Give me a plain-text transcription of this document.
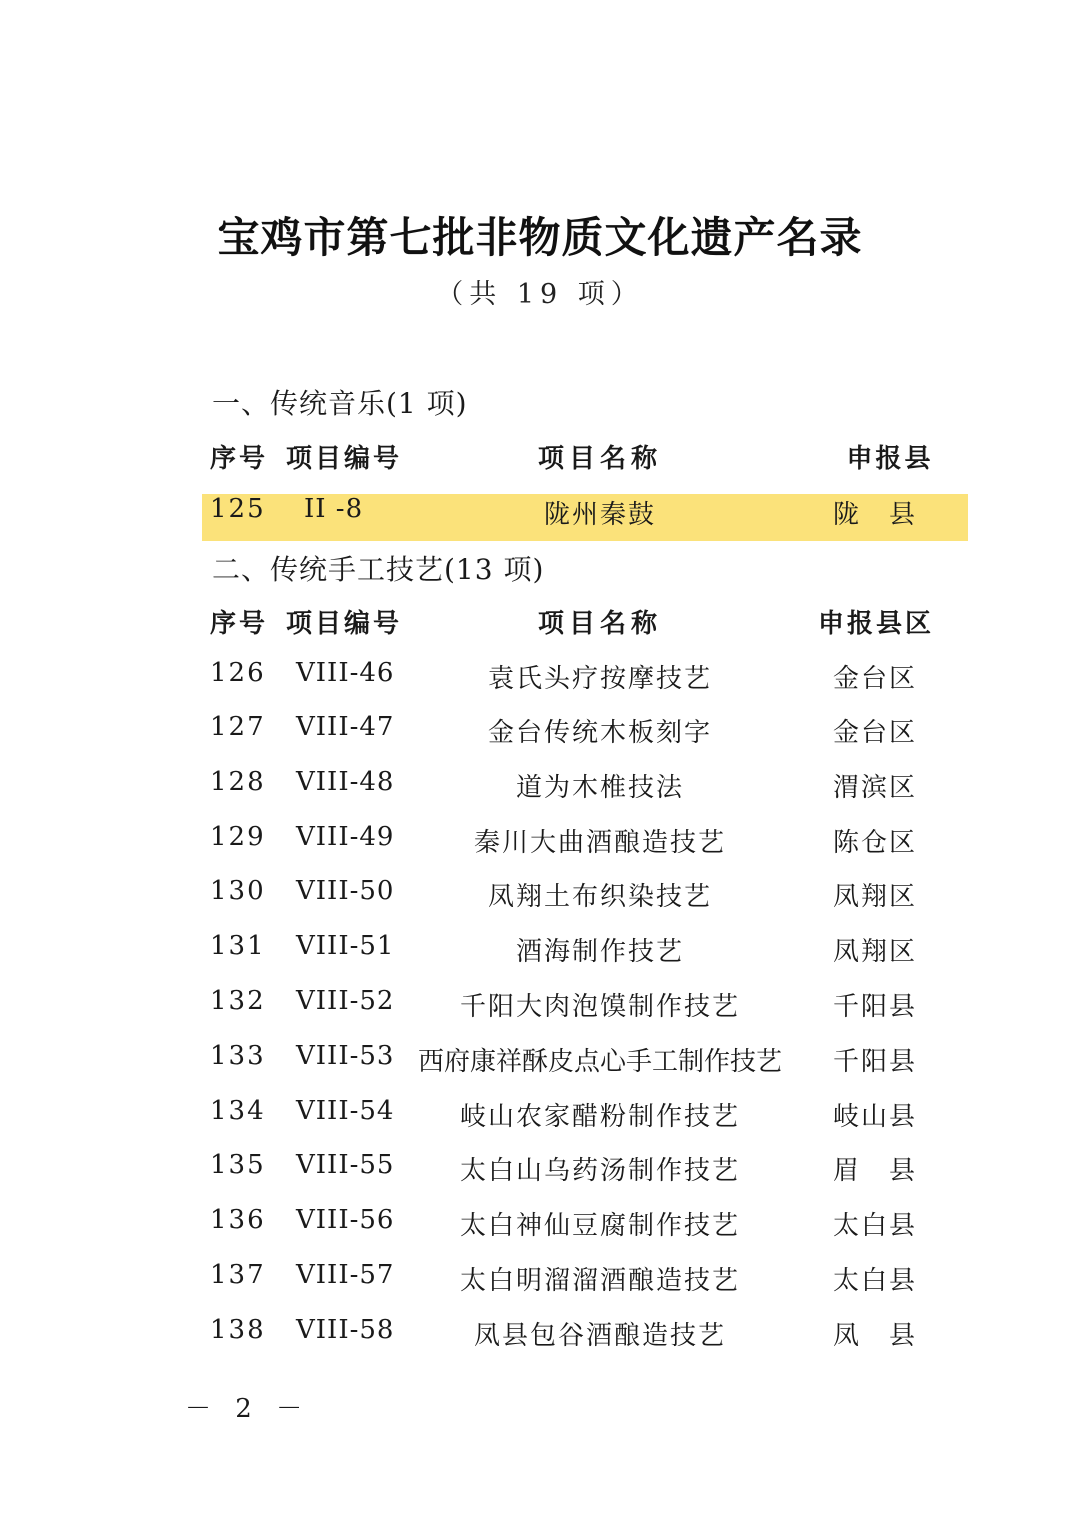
宝鸡市第七批非物质文化遗产名录
（共 19 项）
一、传统音乐(1 项)
序号 项目编号	项目名称	申报县
125 II -8	陇州秦鼓	陇　县
二、传统手工技艺(13 项)
序号 项目编号	项目名称	申报县区
126 VIII-46	袁氏头疗按摩技艺	金台区
127 VIII-47	金台传统木板刻字	金台区
128 VIII-48	道为木椎技法	渭滨区
129 VIII-49	秦川大曲酒酿造技艺	陈仓区
130 VIII-50	凤翔土布织染技艺	凤翔区
131 VIII-51	酒海制作技艺	凤翔区
132 VIII-52	千阳大肉泡馍制作技艺	千阳县
133 VIII-53 西府康祥酥皮点心手工制作技艺	千阳县
134 VIII-54	岐山农家醋粉制作技艺	岐山县
135 VIII-55	太白山乌药汤制作技艺	眉　县
136 VIII-56	太白神仙豆腐制作技艺	太白县
137 VIII-57	太白明溜溜酒酿造技艺	太白县
138 VIII-58	凤县包谷酒酿造技艺	凤　县
－ 2 －
